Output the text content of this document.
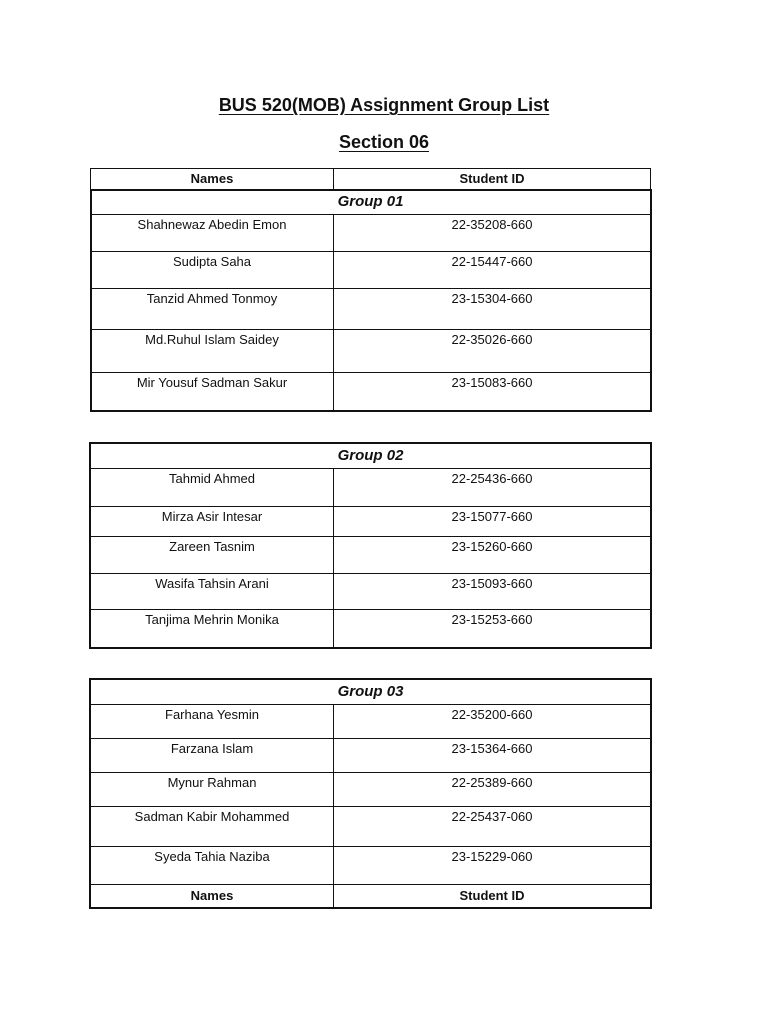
BUS 520(MOB) Assignment Group List
Section 06
Names	Student ID
Group 01	

Shahnewaz Abedin Emon	22-35208-660

Sudipta Saha	22-15447-660

Tanzid Ahmed Tonmoy	23-15304-660

Md.Ruhul Islam Saidey	22-35026-660

Mir Yousuf Sadman Sakur	23-15083-660
Group 02	

Tahmid Ahmed	22-25436-660

Mirza Asir Intesar	23-15077-660

Zareen Tasnim	23-15260-660

Wasifa Tahsin Arani	23-15093-660

Tanjima Mehrin Monika	23-15253-660
Group 03	

Farhana Yesmin	22-35200-660

Farzana Islam	23-15364-660

Mynur Rahman	22-25389-660

Sadman Kabir Mohammed	22-25437-060

Syeda Tahia Naziba	23-15229-060

Names	Student ID
